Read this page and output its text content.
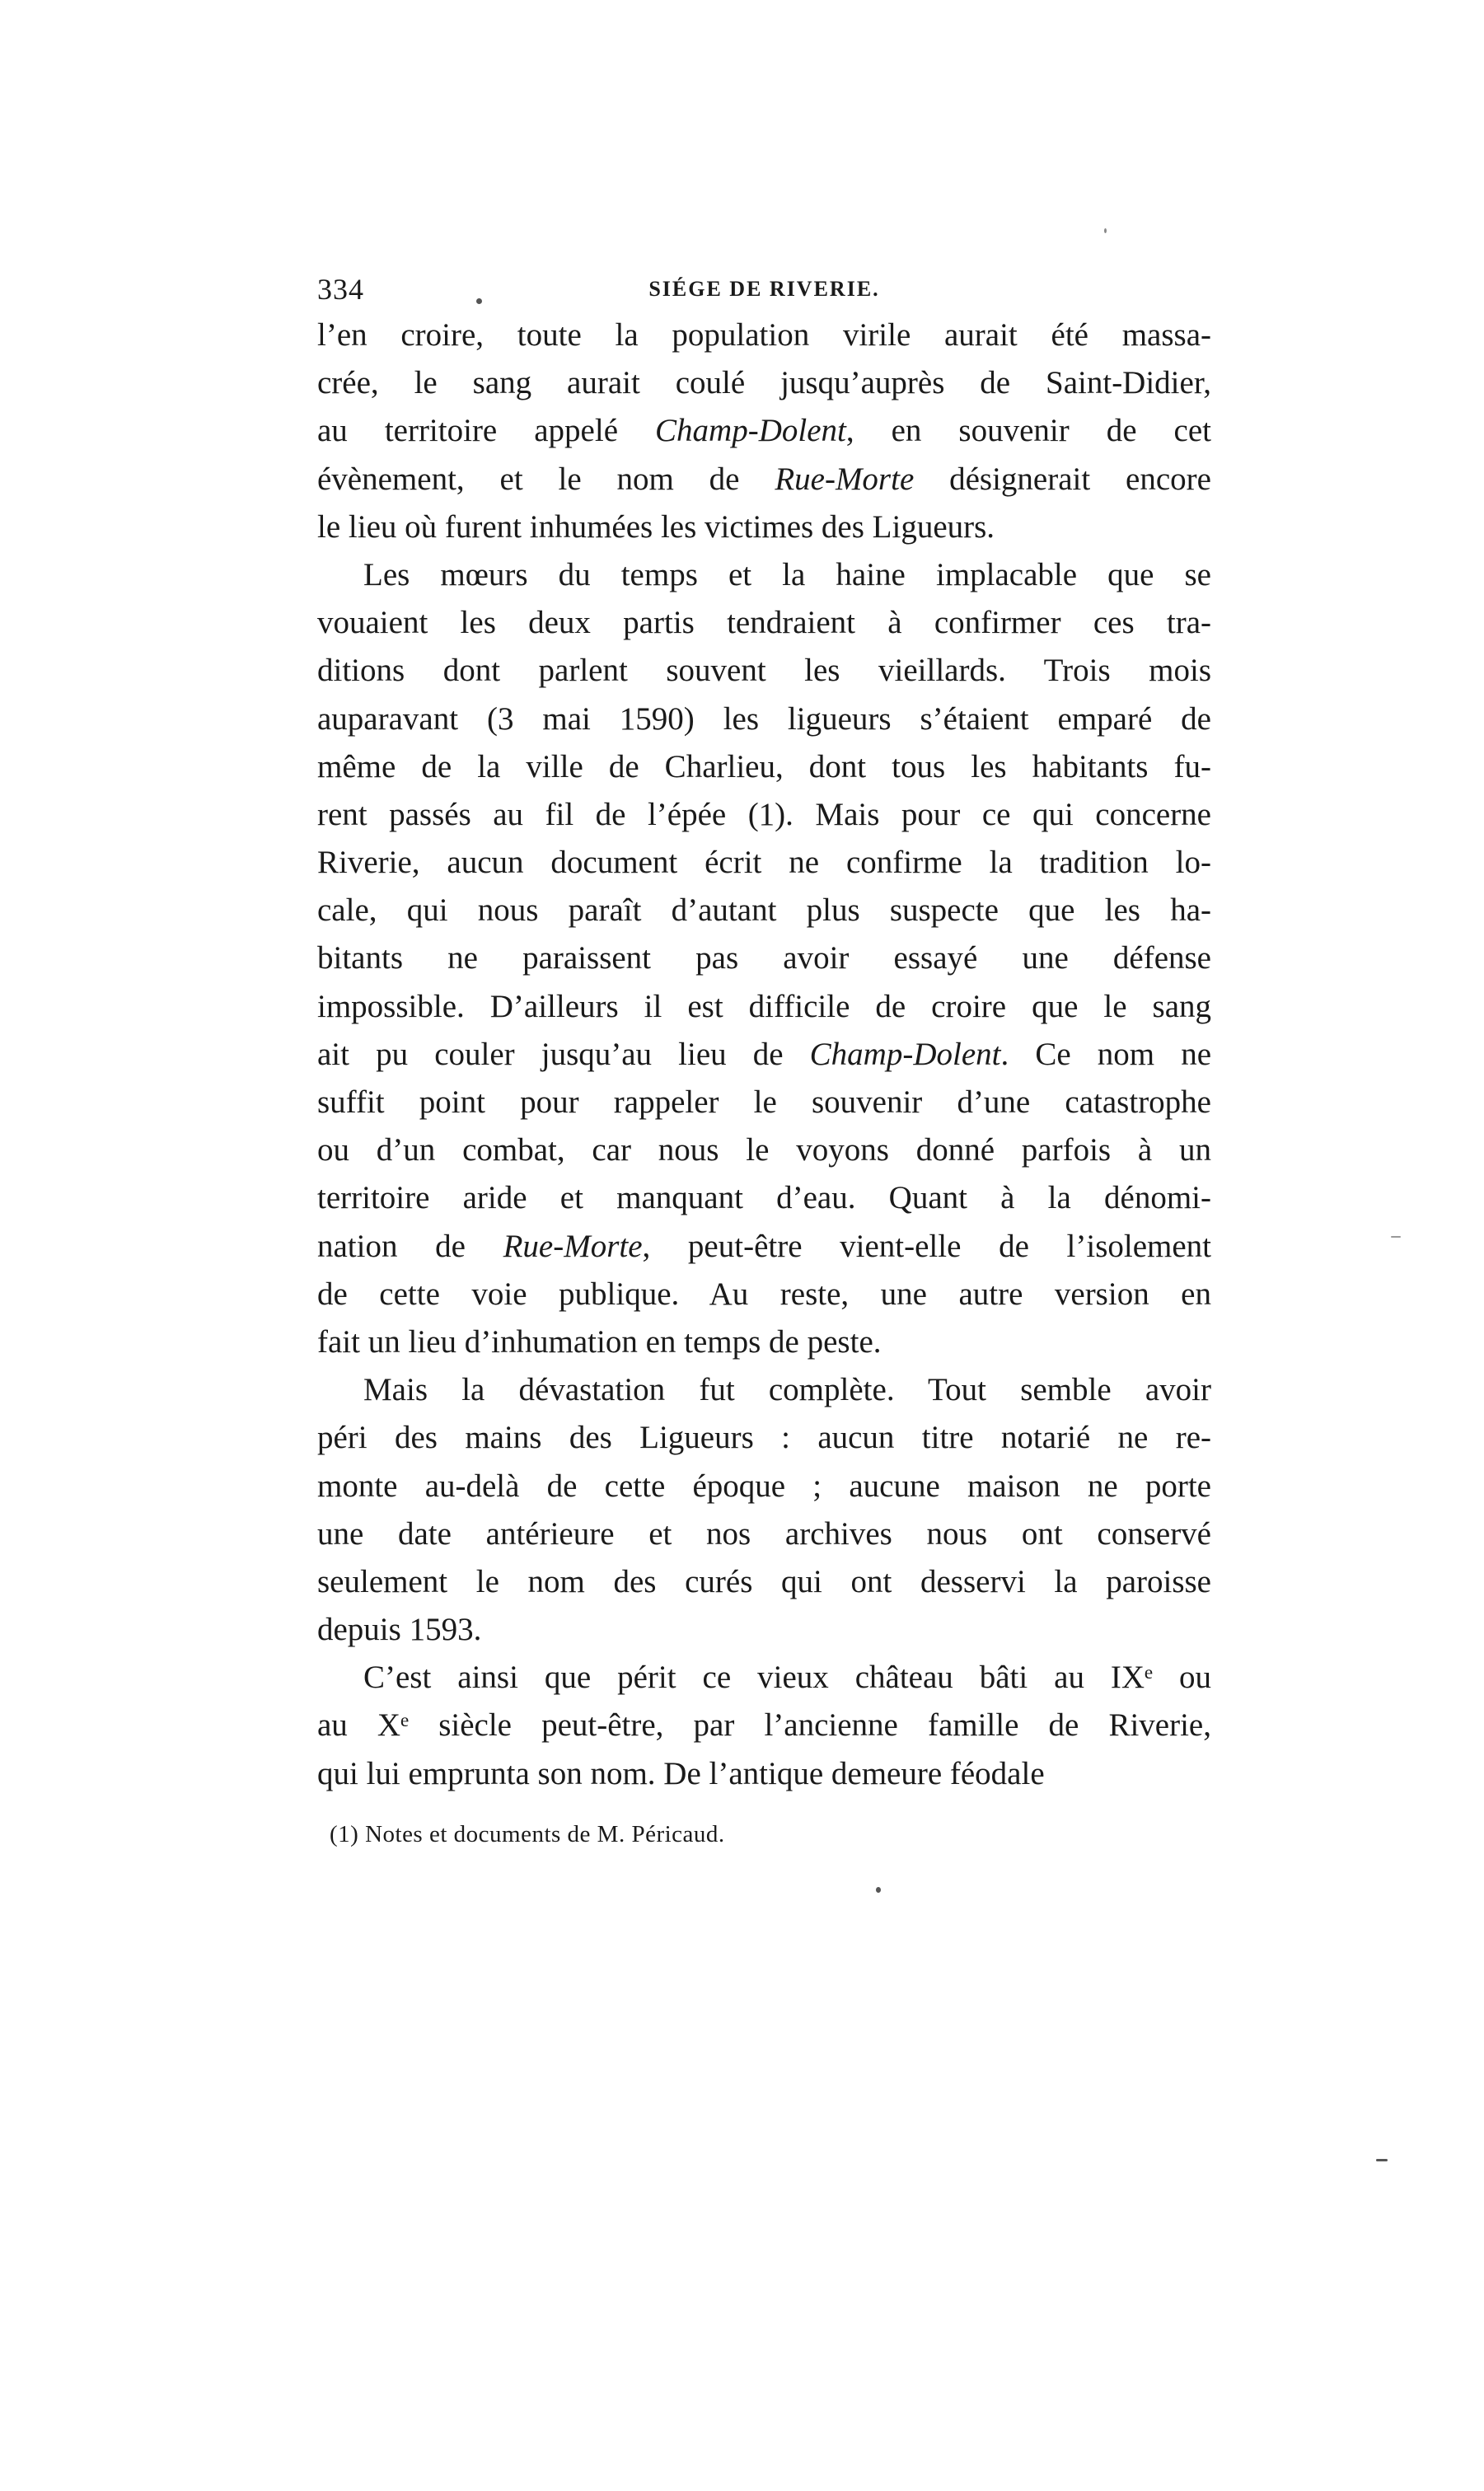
334	SIÉGE DE RIVERIE.
l’en croire, toute la population virile aurait été massa-
crée, le sang aurait coulé jusqu’auprès de Saint-Didier,
au territoire appelé Champ-Dolent, en souvenir de cet
évènement, et le nom de Rue-Morte désignerait encore
le lieu où furent inhumées les victimes des Ligueurs.
Les mœurs du temps et la haine implacable que se
vouaient les deux partis tendraient à confirmer ces tra-
ditions dont parlent souvent les vieillards. Trois mois
auparavant (3 mai 1590) les ligueurs s’étaient emparé de
même de la ville de Charlieu, dont tous les habitants fu-
rent passés au fil de l’épée (1). Mais pour ce qui concerne
Riverie, aucun document écrit ne confirme la tradition lo-
cale, qui nous paraît d’autant plus suspecte que les ha-
bitants ne paraissent pas avoir essayé une défense
impossible. D’ailleurs il est difficile de croire que le sang
ait pu couler jusqu’au lieu de Champ-Dolent. Ce nom ne
suffit point pour rappeler le souvenir d’une catastrophe
ou d’un combat, car nous le voyons donné parfois à un
territoire aride et manquant d’eau. Quant à la dénomi-
nation de Rue-Morte, peut-être vient-elle de l’isolement
de cette voie publique. Au reste, une autre version en
fait un lieu d’inhumation en temps de peste.
Mais la dévastation fut complète. Tout semble avoir
péri des mains des Ligueurs : aucun titre notarié ne re-
monte au-delà de cette époque ; aucune maison ne porte
une date antérieure et nos archives nous ont conservé
seulement le nom des curés qui ont desservi la paroisse
depuis 1593.
C’est ainsi que périt ce vieux château bâti au IXᵉ ou
au Xᵉ siècle peut-être, par l’ancienne famille de Riverie,
qui lui emprunta son nom. De l’antique demeure féodale
(1) Notes et documents de M. Péricaud.
